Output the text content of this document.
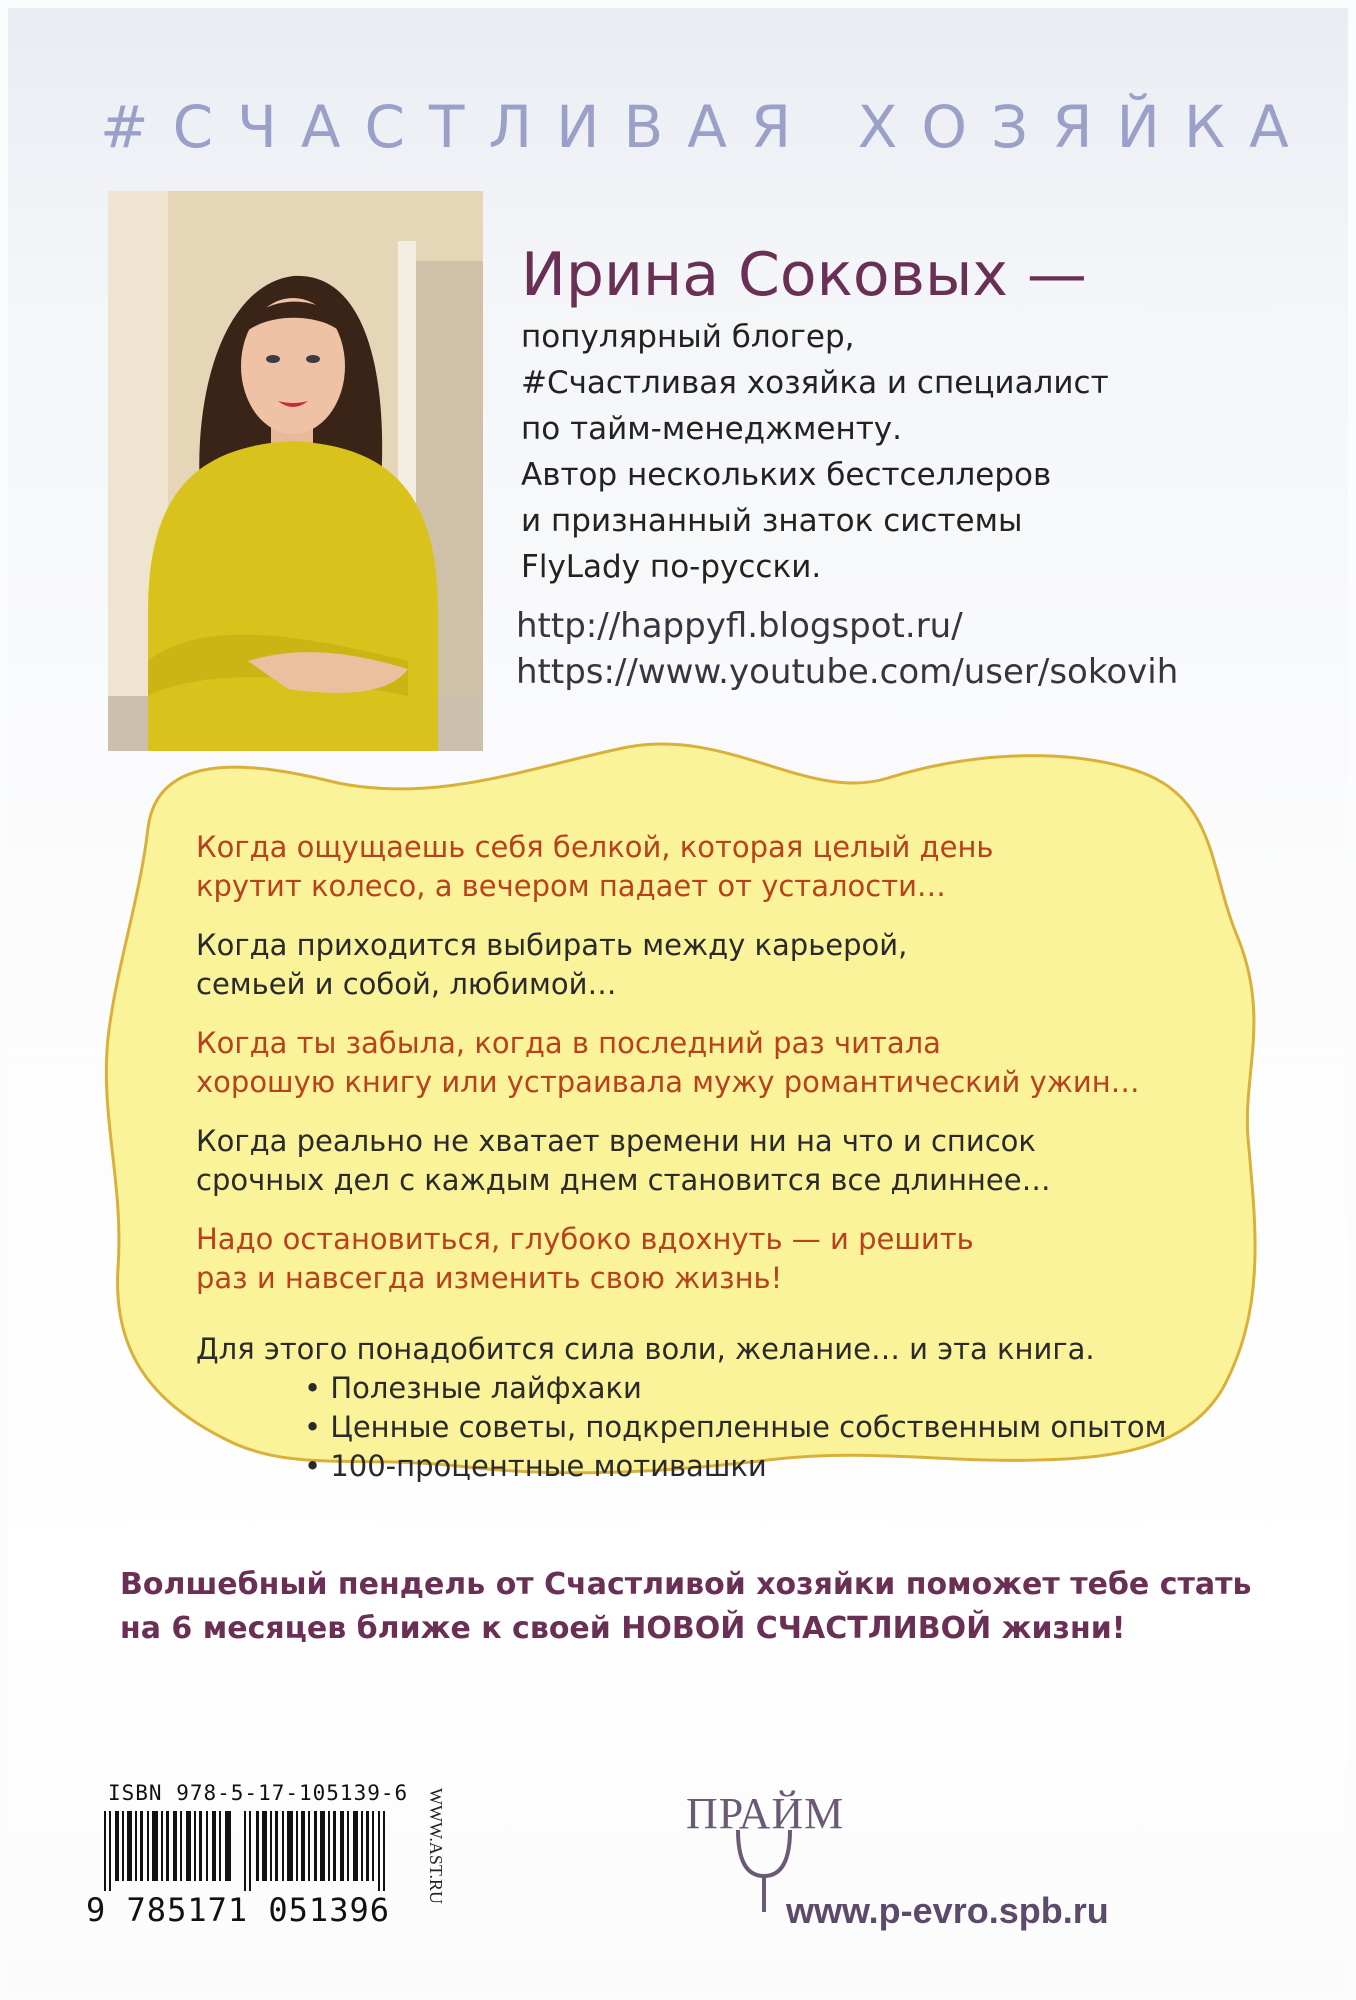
#СЧАСТЛИВАЯ ХОЗЯЙКА
Ирина Соковых —
популярный блогер,
#Счастливая хозяйка и специалист
по тайм-менеджменту.
Автор нескольких бестселлеров
и признанный знаток системы
FlyLady по-русски.
http://happyfl.blogspot.ru/
https://www.youtube.com/user/sokovih

Когда ощущаешь себя белкой, которая целый день
крутит колесо, а вечером падает от усталости…

Когда приходится выбирать между карьерой,
семьей и собой, любимой…

Когда ты забыла, когда в последний раз читала
хорошую книгу или устраивала мужу романтический ужин…

Когда реально не хватает времени ни на что и список
срочных дел с каждым днем становится все длиннее…

Надо остановиться, глубоко вдохнуть — и решить
раз и навсегда изменить свою жизнь!

Для этого понадобится сила воли, желание… и эта книга.

• Полезные лайфхаки
• Ценные советы, подкрепленные собственным опытом
• 100-процентные мотивашки
Волшебный пендель от Счастливой хозяйки поможет тебе стать
на 6 месяцев ближе к своей НОВОЙ СЧАСТЛИВОЙ жизни!
ISBN 978-5-17-105139-6
9 785171 051396
WWW.AST.RU	ПРАЙМ
www.p-evro.spb.ru
